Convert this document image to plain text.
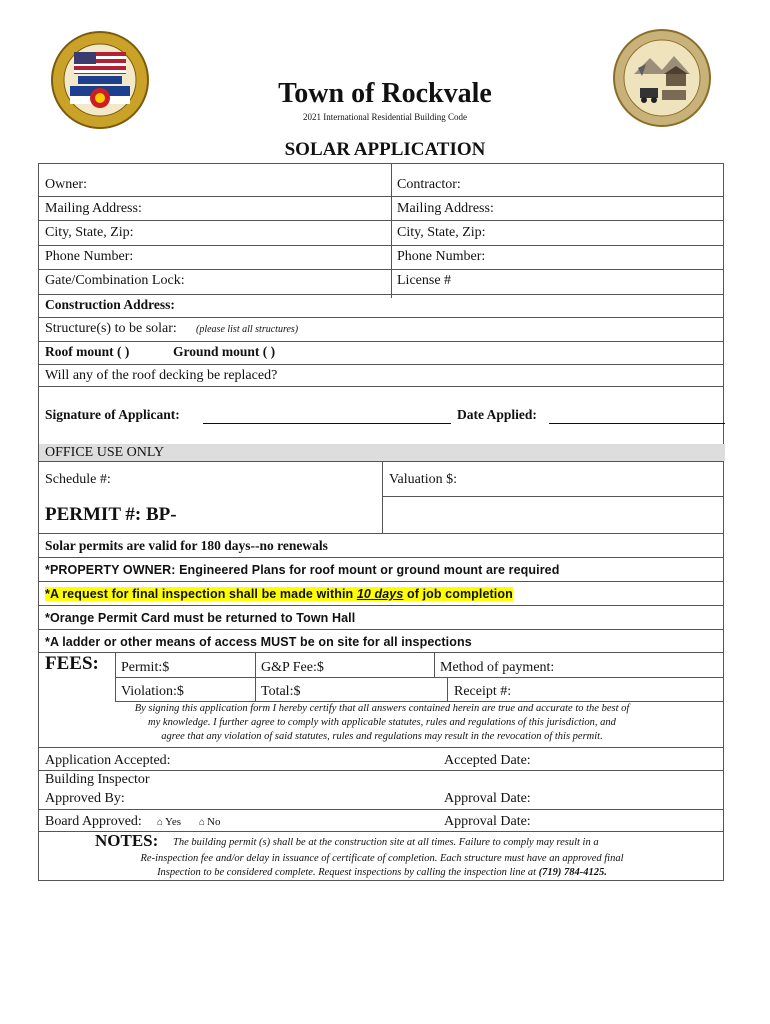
Town of Rockvale
2021 International Residential Building Code
SOLAR APPLICATION
Owner:	Contractor:
Mailing Address:	Mailing Address:
City, State, Zip:	City, State, Zip:
Phone Number:	Phone Number:
Gate/Combination Lock:	License #
Construction Address:
Structure(s) to be solar: (please list all structures)
Roof mount ( )	Ground mount ( )
Will any of the roof decking be replaced?
Signature of Applicant:	Date Applied:
OFFICE USE ONLY
Schedule #:	Valuation $:
PERMIT #: BP-
Solar permits are valid for 180 days--no renewals
*PROPERTY OWNER: Engineered Plans for roof mount or ground mount are required
*A request for final inspection shall be made within 10 days of job completion
*Orange Permit Card must be returned to Town Hall
*A ladder or other means of access MUST be on site for all inspections
FEES: Permit:$	G&P Fee:$	Method of payment:
Violation:$	Total:$	Receipt #:
By signing this application form I hereby certify that all answers contained herein are true and accurate to the best of
my knowledge. I further agree to comply with applicable statutes, rules and regulations of this jurisdiction, and
agree that any violation of said statutes, rules and regulations may result in the revocation of this permit.
Application Accepted:	Accepted Date:
Building Inspector
Approved By:	Approval Date:
Board Approved: ⌂ Yes ⌂ No	Approval Date:
NOTES: The building permit (s) shall be at the construction site at all times. Failure to comply may result in a
Re-inspection fee and/or delay in issuance of certificate of completion. Each structure must have an approved final
Inspection to be considered complete. Request inspections by calling the inspection line at (719) 784-4125.
